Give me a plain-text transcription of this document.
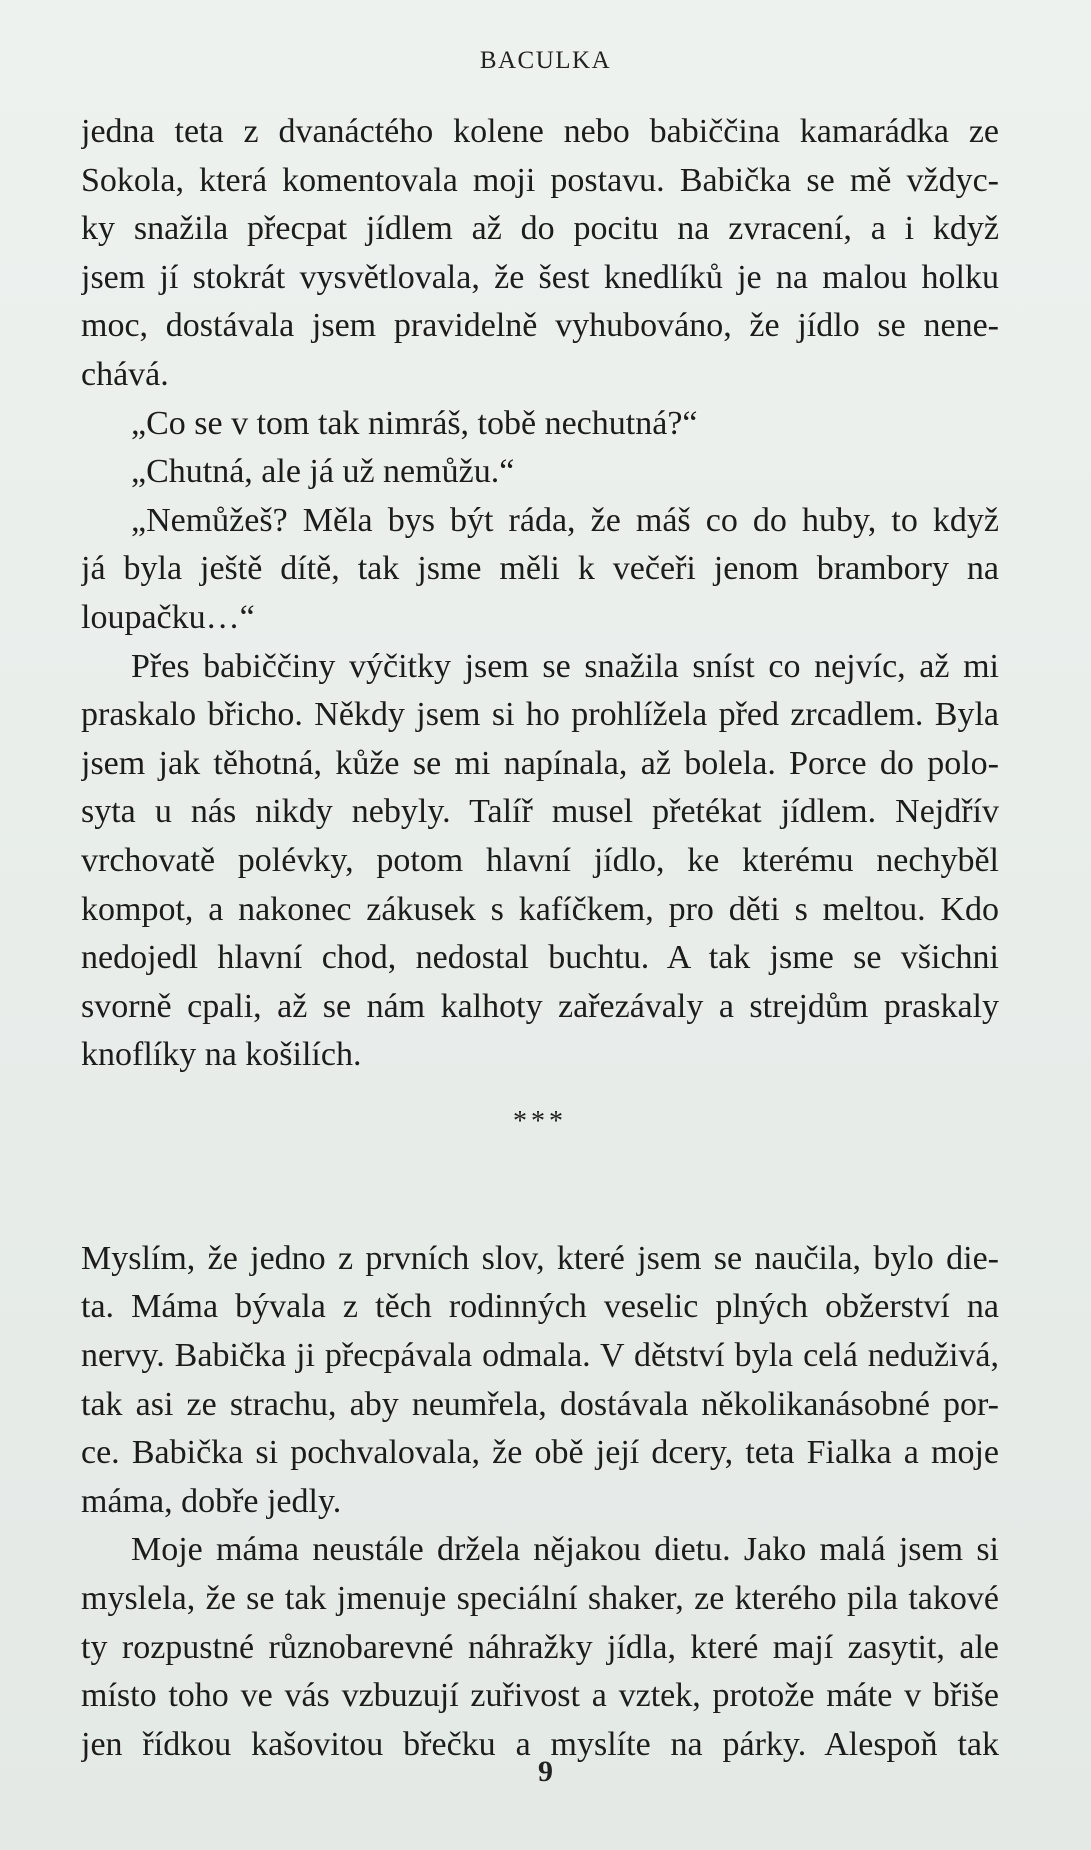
BACULKA
jedna teta z dvanáctého kolene nebo babiččina kamarádka ze
Sokola, která komentovala moji postavu. Babička se mě vždyc-
ky snažila přecpat jídlem až do pocitu na zvracení, a i když
jsem jí stokrát vysvětlovala, že šest knedlíků je na malou holku
moc, dostávala jsem pravidelně vyhubováno, že jídlo se nene-
chává.
„Co se v tom tak nimráš, tobě nechutná?“
„Chutná, ale já už nemůžu.“
„Nemůžeš? Měla bys být ráda, že máš co do huby, to když
já byla ještě dítě, tak jsme měli k večeři jenom brambory na
loupačku…“
Přes babiččiny výčitky jsem se snažila sníst co nejvíc, až mi
praskalo břicho. Někdy jsem si ho prohlížela před zrcadlem. Byla
jsem jak těhotná, kůže se mi napínala, až bolela. Porce do polo-
syta u nás nikdy nebyly. Talíř musel přetékat jídlem. Nejdřív
vrchovatě polévky, potom hlavní jídlo, ke kterému nechyběl
kompot, a nakonec zákusek s kafíčkem, pro děti s meltou. Kdo
nedojedl hlavní chod, nedostal buchtu. A tak jsme se všichni
svorně cpali, až se nám kalhoty zařezávaly a strejdům praskaly
knoflíky na košilích.
***
Myslím, že jedno z prvních slov, které jsem se naučila, bylo die-
ta. Máma bývala z těch rodinných veselic plných obžerství na
nervy. Babička ji přecpávala odmala. V dětství byla celá neduživá,
tak asi ze strachu, aby neumřela, dostávala několikanásobné por-
ce. Babička si pochvalovala, že obě její dcery, teta Fialka a moje
máma, dobře jedly.
Moje máma neustále držela nějakou dietu. Jako malá jsem si
myslela, že se tak jmenuje speciální shaker, ze kterého pila takové
ty rozpustné různobarevné náhražky jídla, které mají zasytit, ale
místo toho ve vás vzbuzují zuřivost a vztek, protože máte v břiše
jen řídkou kašovitou břečku a myslíte na párky. Alespoň tak
9
